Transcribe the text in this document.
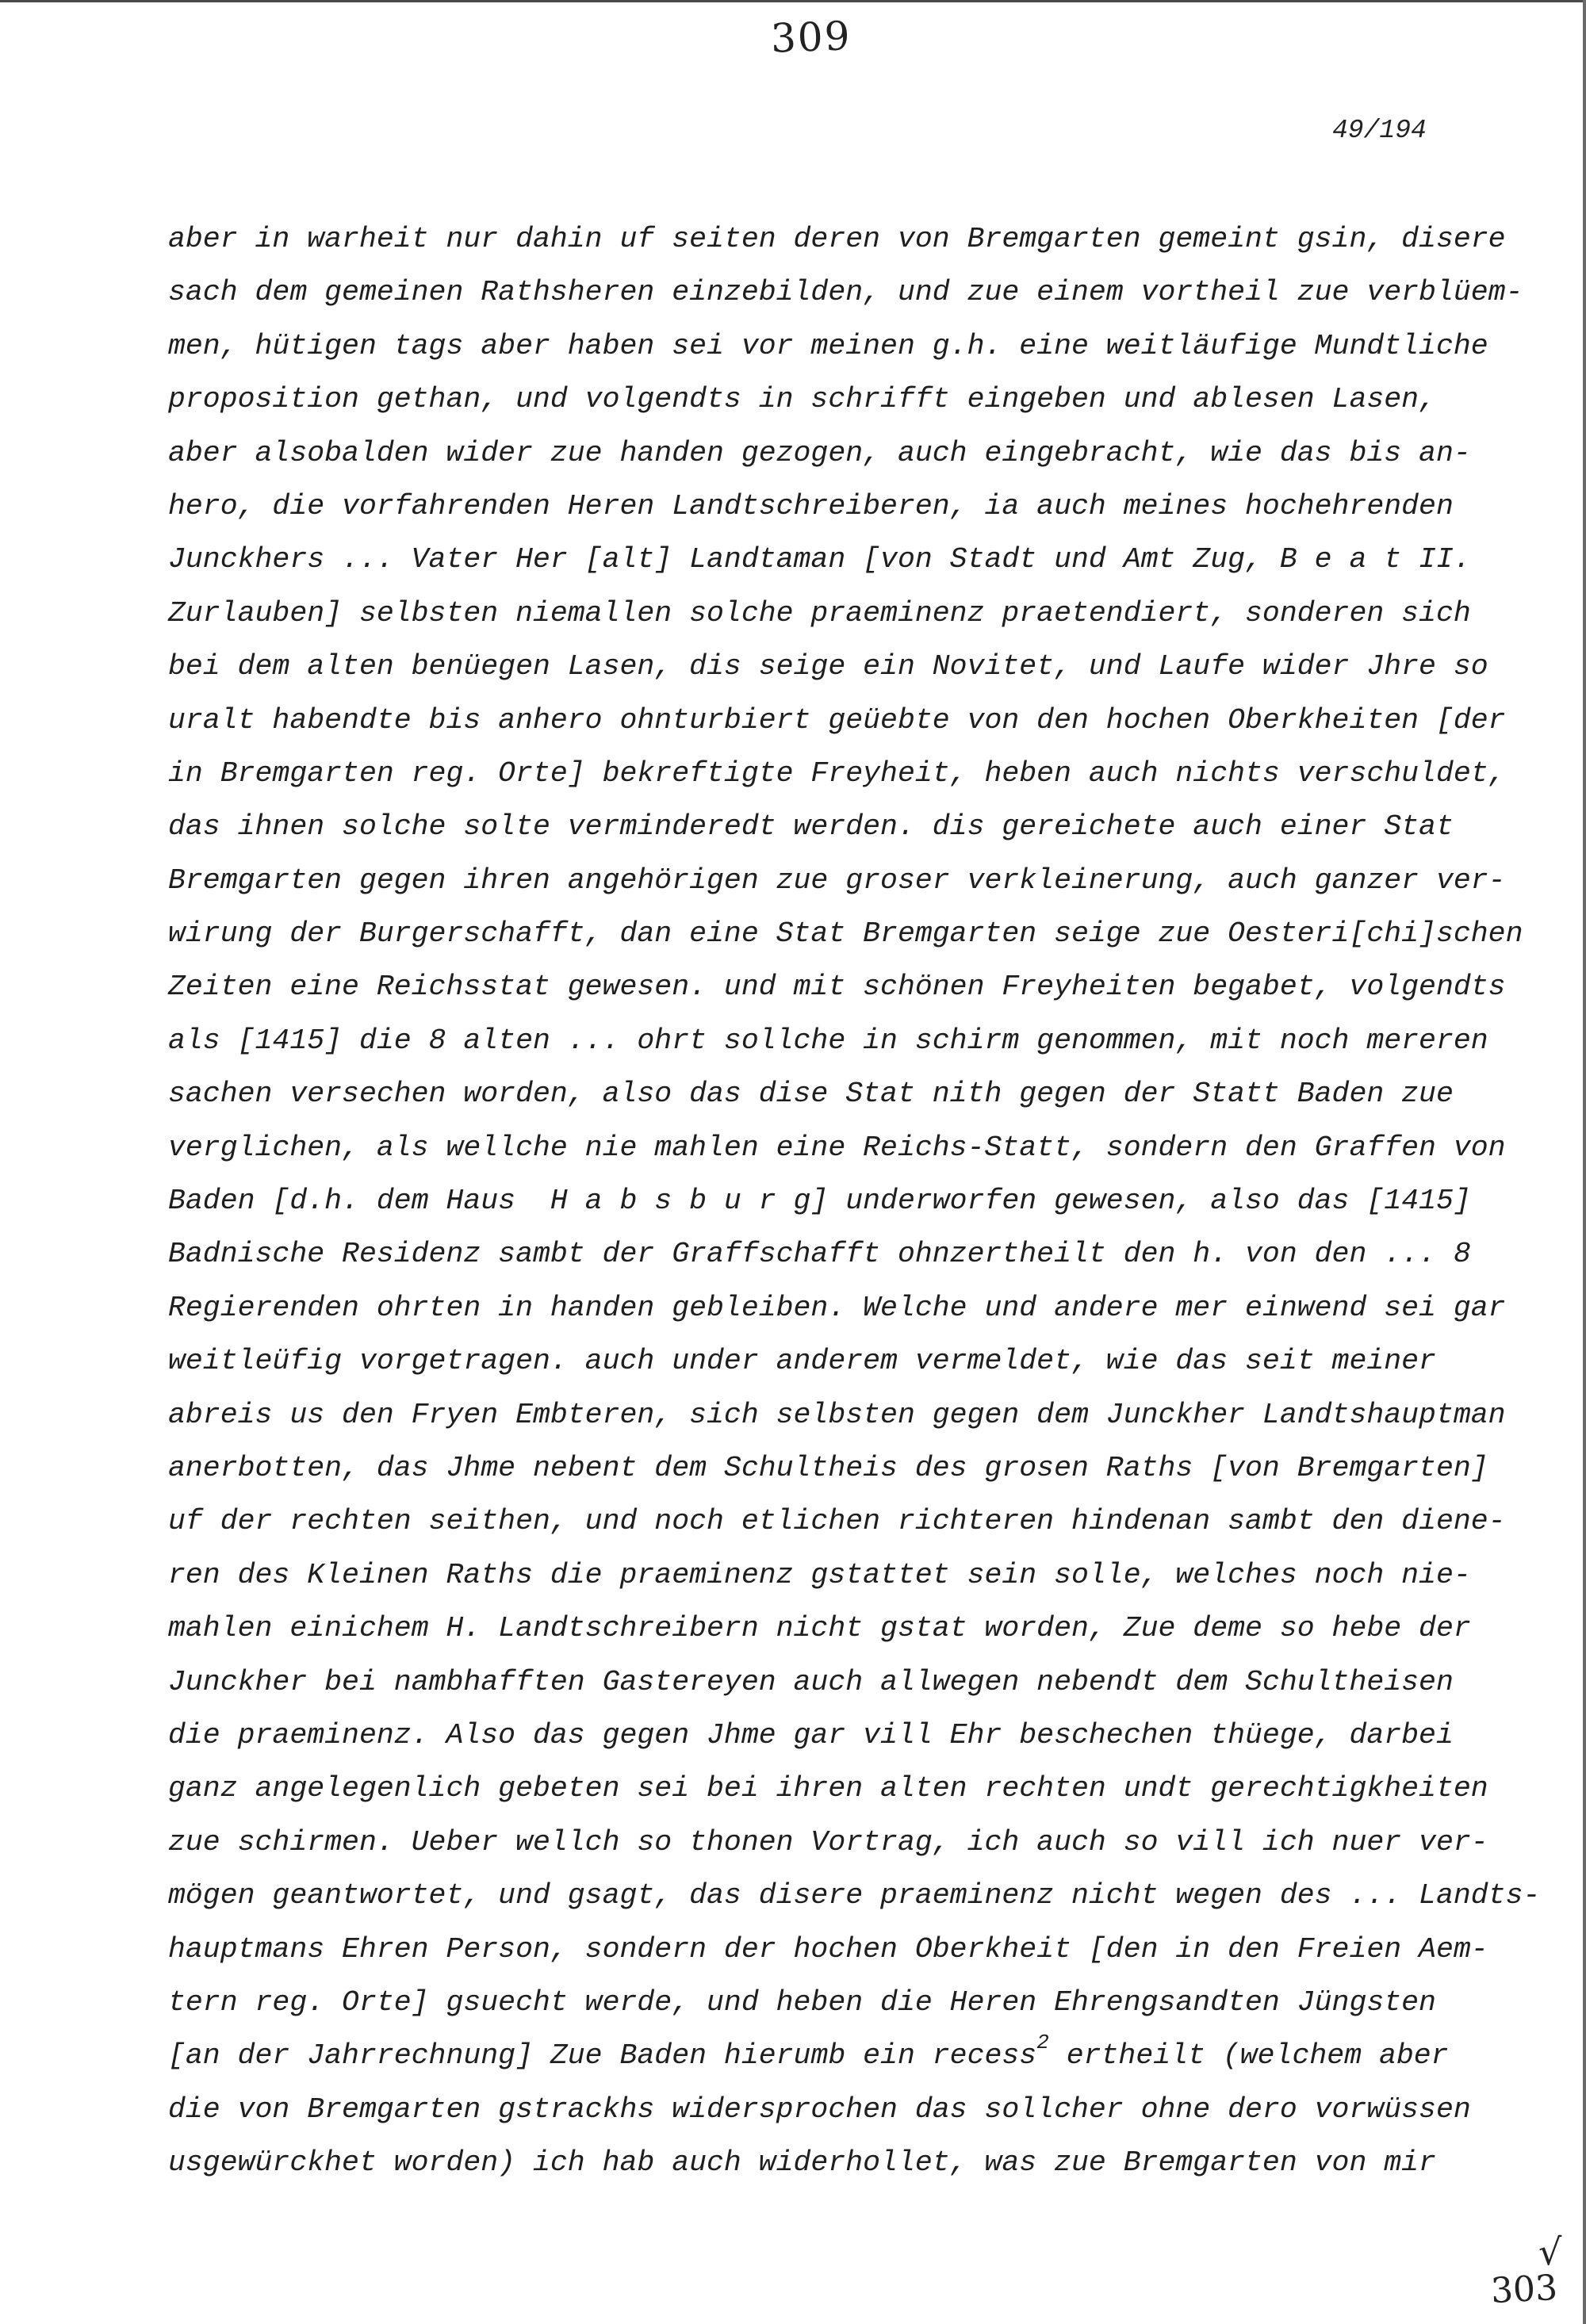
309
49/194
aber in warheit nur dahin uf seiten deren von Bremgarten gemeint gsin, disere
sach dem gemeinen Rathsheren einzebilden, und zue einem vortheil zue verblüem-
men, hütigen tags aber haben sei vor meinen g.h. eine weitläufige Mundtliche
proposition gethan, und volgendts in schrifft eingeben und ablesen Lasen,
aber alsobalden wider zue handen gezogen, auch eingebracht, wie das bis an-
hero, die vorfahrenden Heren Landtschreiberen, ia auch meines hochehrenden
Junckhers ... Vater Her [alt] Landtaman [von Stadt und Amt Zug, B e a t II.
Zurlauben] selbsten niemallen solche praeminenz praetendiert, sonderen sich
bei dem alten benüegen Lasen, dis seige ein Novitet, und Laufe wider Jhre so
uralt habendte bis anhero ohnturbiert geüebte von den hochen Oberkheiten [der
in Bremgarten reg. Orte] bekreftigte Freyheit, heben auch nichts verschuldet,
das ihnen solche solte verminderedt werden. dis gereichete auch einer Stat
Bremgarten gegen ihren angehörigen zue groser verkleinerung, auch ganzer ver-
wirung der Burgerschafft, dan eine Stat Bremgarten seige zue Oesteri[chi]schen
Zeiten eine Reichsstat gewesen. und mit schönen Freyheiten begabet, volgendts
als [1415] die 8 alten ... ohrt sollche in schirm genommen, mit noch mereren
sachen versechen worden, also das dise Stat nith gegen der Statt Baden zue
verglichen, als wellche nie mahlen eine Reichs-Statt, sondern den Graffen von
Baden [d.h. dem Haus  H a b s b u r g] underworfen gewesen, also das [1415]
Badnische Residenz sambt der Graffschafft ohnzertheilt den h. von den ... 8
Regierenden ohrten in handen gebleiben. Welche und andere mer einwend sei gar
weitleüfig vorgetragen. auch under anderem vermeldet, wie das seit meiner
abreis us den Fryen Embteren, sich selbsten gegen dem Junckher Landtshauptman
anerbotten, das Jhme nebent dem Schultheis des grosen Raths [von Bremgarten]
uf der rechten seithen, und noch etlichen richteren hindenan sambt den diene-
ren des Kleinen Raths die praeminenz gstattet sein solle, welches noch nie-
mahlen einichem H. Landtschreibern nicht gstat worden, Zue deme so hebe der
Junckher bei nambhafften Gastereyen auch allwegen nebendt dem Schultheisen
die praeminenz. Also das gegen Jhme gar vill Ehr beschechen thüege, darbei
ganz angelegenlich gebeten sei bei ihren alten rechten undt gerechtigkheiten
zue schirmen. Ueber wellch so thonen Vortrag, ich auch so vill ich nuer ver-
mögen geantwortet, und gsagt, das disere praeminenz nicht wegen des ... Landts-
hauptmans Ehren Person, sondern der hochen Oberkheit [den in den Freien Aem-
tern reg. Orte] gsuecht werde, und heben die Heren Ehrengsandten Jüngsten
[an der Jahrrechnung] Zue Baden hierumb ein recess$^2$ ertheilt (welchem aber
die von Bremgarten gstrackhs widersprochen das sollcher ohne dero vorwüssen
usgewürckhet worden) ich hab auch widerhollet, was zue Bremgarten von mir
√
303
